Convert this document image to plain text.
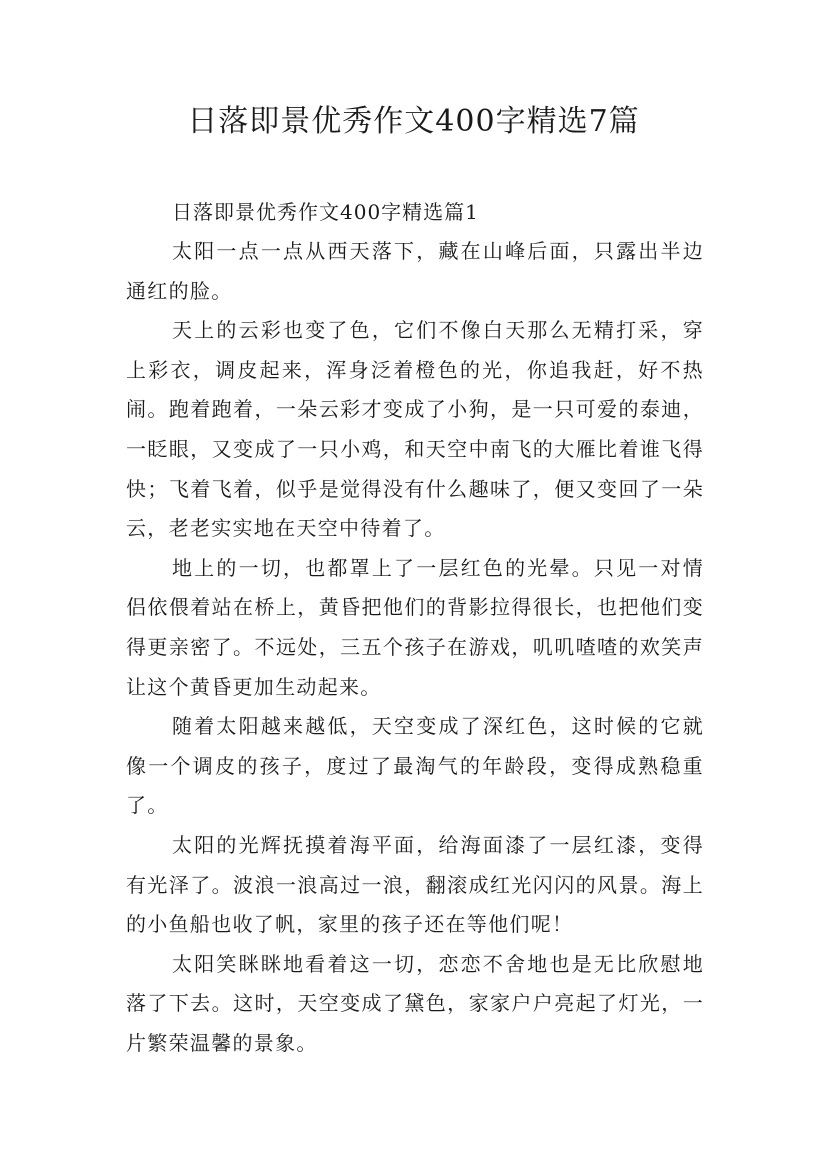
日落即景优秀作文400字精选7篇
日落即景优秀作文400字精选篇1

太阳一点一点从西天落下，藏在山峰后面，只露出半边通红的脸。

天上的云彩也变了色，它们不像白天那么无精打采，穿上彩衣，调皮起来，浑身泛着橙色的光，你追我赶，好不热闹。跑着跑着，一朵云彩才变成了小狗，是一只可爱的泰迪，一眨眼，又变成了一只小鸡，和天空中南飞的大雁比着谁飞得快；飞着飞着，似乎是觉得没有什么趣味了，便又变回了一朵云，老老实实地在天空中待着了。

地上的一切，也都罩上了一层红色的光晕。只见一对情侣依偎着站在桥上，黄昏把他们的背影拉得很长，也把他们变得更亲密了。不远处，三五个孩子在游戏，叽叽喳喳的欢笑声让这个黄昏更加生动起来。

随着太阳越来越低，天空变成了深红色，这时候的它就像一个调皮的孩子，度过了最淘气的年龄段，变得成熟稳重了。

太阳的光辉抚摸着海平面，给海面漆了一层红漆，变得有光泽了。波浪一浪高过一浪，翻滚成红光闪闪的风景。海上的小鱼船也收了帆，家里的孩子还在等他们呢！

太阳笑眯眯地看着这一切，恋恋不舍地也是无比欣慰地落了下去。这时，天空变成了黛色，家家户户亮起了灯光，一片繁荣温馨的景象。
